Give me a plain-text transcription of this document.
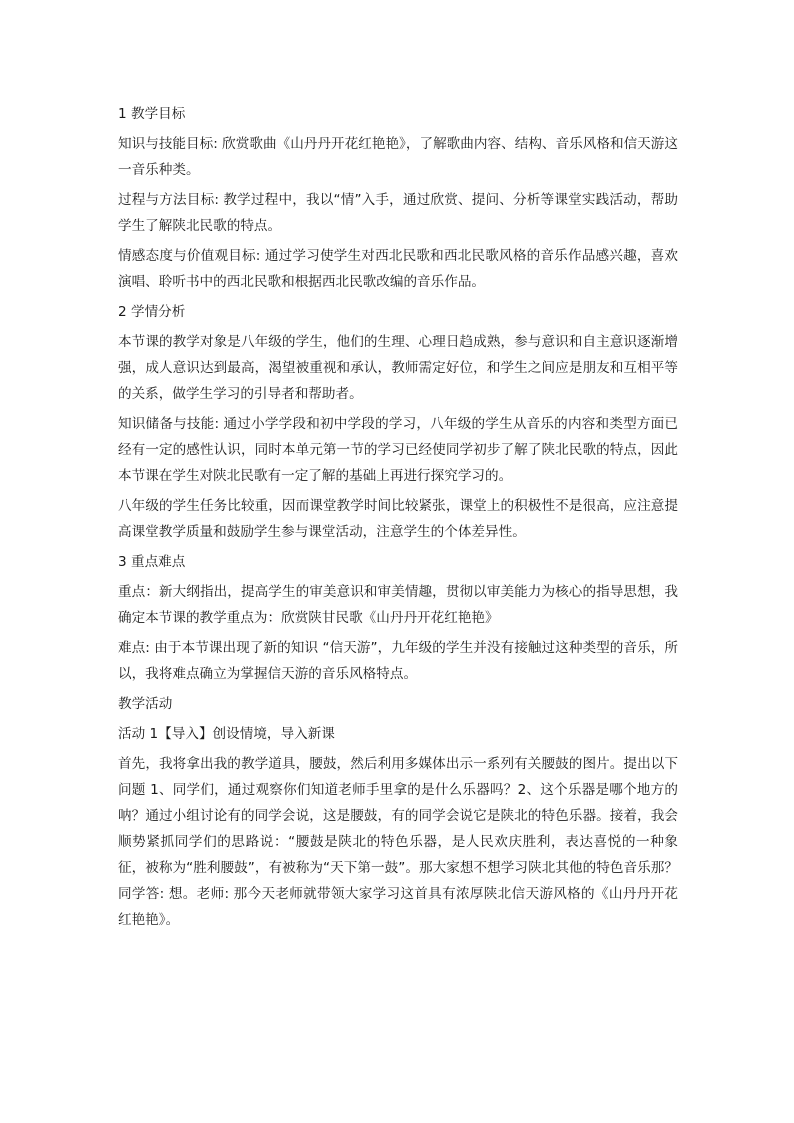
1 教学目标

知识与技能目标: 欣赏歌曲《山丹丹开花红艳艳》，了解歌曲内容、结构、音乐风格和信天游这一音乐种类。

过程与方法目标: 教学过程中，我以“情”入手，通过欣赏、提问、分析等课堂实践活动，帮助学生了解陕北民歌的特点。

情感态度与价值观目标: 通过学习使学生对西北民歌和西北民歌风格的音乐作品感兴趣，喜欢演唱、聆听书中的西北民歌和根据西北民歌改编的音乐作品。

2 学情分析

本节课的教学对象是八年级的学生，他们的生理、心理日趋成熟，参与意识和自主意识逐渐增强，成人意识达到最高，渴望被重视和承认，教师需定好位，和学生之间应是朋友和互相平等的关系，做学生学习的引导者和帮助者。

知识储备与技能: 通过小学学段和初中学段的学习，八年级的学生从音乐的内容和类型方面已经有一定的感性认识，同时本单元第一节的学习已经使同学初步了解了陕北民歌的特点，因此本节课在学生对陕北民歌有一定了解的基础上再进行探究学习的。

八年级的学生任务比较重，因而课堂教学时间比较紧张，课堂上的积极性不是很高，应注意提高课堂教学质量和鼓励学生参与课堂活动，注意学生的个体差异性。

3 重点难点

重点：新大纲指出，提高学生的审美意识和审美情趣，贯彻以审美能力为核心的指导思想，我确定本节课的教学重点为：欣赏陕甘民歌《山丹丹开花红艳艳》

难点: 由于本节课出现了新的知识 “信天游”，九年级的学生并没有接触过这种类型的音乐，所以，我将难点确立为掌握信天游的音乐风格特点。

教学活动

活动 1【导入】创设情境，导入新课

首先，我将拿出我的教学道具，腰鼓，然后利用多媒体出示一系列有关腰鼓的图片。提出以下问题 1、同学们，通过观察你们知道老师手里拿的是什么乐器吗？2、这个乐器是哪个地方的呐？通过小组讨论有的同学会说，这是腰鼓，有的同学会说它是陕北的特色乐器。接着，我会顺势紧抓同学们的思路说：“腰鼓是陕北的特色乐器，是人民欢庆胜利，表达喜悦的一种象征，被称为“胜利腰鼓”，有被称为“天下第一鼓”。那大家想不想学习陕北其他的特色音乐那？同学答: 想。老师: 那今天老师就带领大家学习这首具有浓厚陕北信天游风格的《山丹丹开花红艳艳》。
